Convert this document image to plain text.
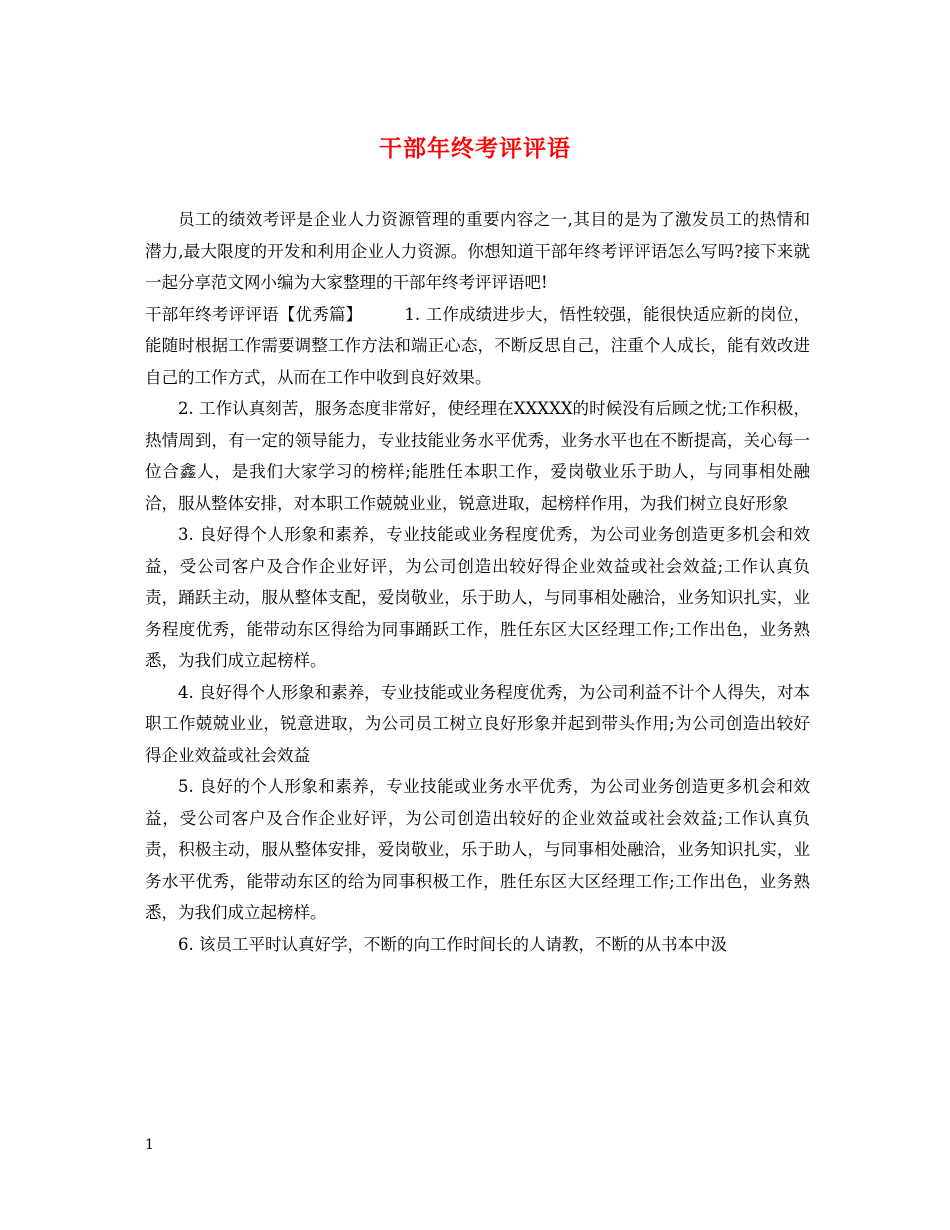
干部年终考评评语

员工的绩效考评是企业人力资源管理的重要内容之一,其目的是为了激发员工的热情和潜力,最大限度的开发和利用企业人力资源。你想知道干部年终考评评语怎么写吗?接下来就一起分享范文网小编为大家整理的干部年终考评评语吧!

干部年终考评评语【优秀篇】	1. 工作成绩进步大，悟性较强，能很快适应新的岗位，能随时根据工作需要调整工作方法和端正心态，不断反思自己，注重个人成长，能有效改进自己的工作方式，从而在工作中收到良好效果。

2. 工作认真刻苦，服务态度非常好，使经理在XXXXX的时候没有后顾之忧;工作积极，热情周到，有一定的领导能力，专业技能业务水平优秀，业务水平也在不断提高，关心每一位合鑫人，是我们大家学习的榜样;能胜任本职工作，爱岗敬业乐于助人，与同事相处融洽，服从整体安排，对本职工作兢兢业业，锐意进取，起榜样作用，为我们树立良好形象

3. 良好得个人形象和素养，专业技能或业务程度优秀，为公司业务创造更多机会和效益，受公司客户及合作企业好评，为公司创造出较好得企业效益或社会效益;工作认真负责，踊跃主动，服从整体支配，爱岗敬业，乐于助人，与同事相处融洽，业务知识扎实，业务程度优秀，能带动东区得给为同事踊跃工作，胜任东区大区经理工作;工作出色，业务熟悉，为我们成立起榜样。

4. 良好得个人形象和素养，专业技能或业务程度优秀，为公司利益不计个人得失，对本职工作兢兢业业，锐意进取，为公司员工树立良好形象并起到带头作用;为公司创造出较好得企业效益或社会效益

5. 良好的个人形象和素养，专业技能或业务水平优秀，为公司业务创造更多机会和效益，受公司客户及合作企业好评，为公司创造出较好的企业效益或社会效益;工作认真负责，积极主动，服从整体安排，爱岗敬业，乐于助人，与同事相处融洽，业务知识扎实，业务水平优秀，能带动东区的给为同事积极工作，胜任东区大区经理工作;工作出色，业务熟悉，为我们成立起榜样。

6. 该员工平时认真好学，不断的向工作时间长的人请教，不断的从书本中汲

1
